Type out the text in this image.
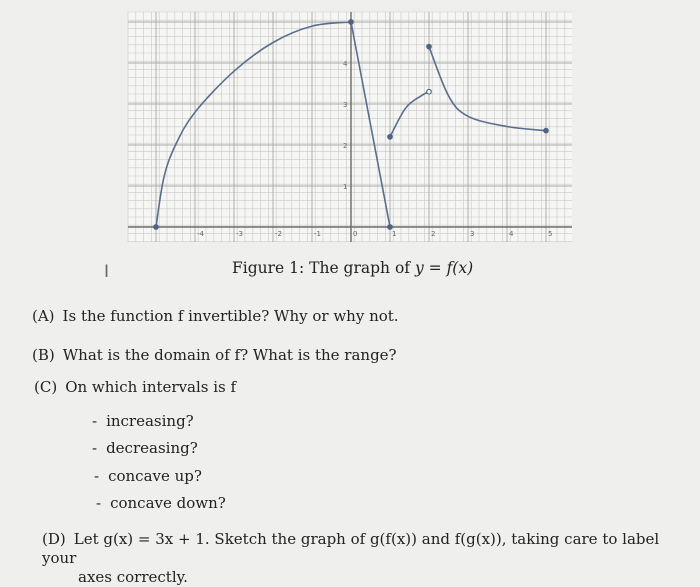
-4	-3	-2	-1	0	1	2	3	4	5
1
2
3
4
Figure 1: The graph of y = f(x)
I
(A) Is the function f invertible? Why or why not.
(B) What is the domain of f? What is the range?
(C) On which intervals is f
- increasing?
- decreasing?
- concave up?
- concave down?
(D) Let g(x) = 3x + 1. Sketch the graph of g(f(x)) and f(g(x)), taking care to label your
axes correctly.
